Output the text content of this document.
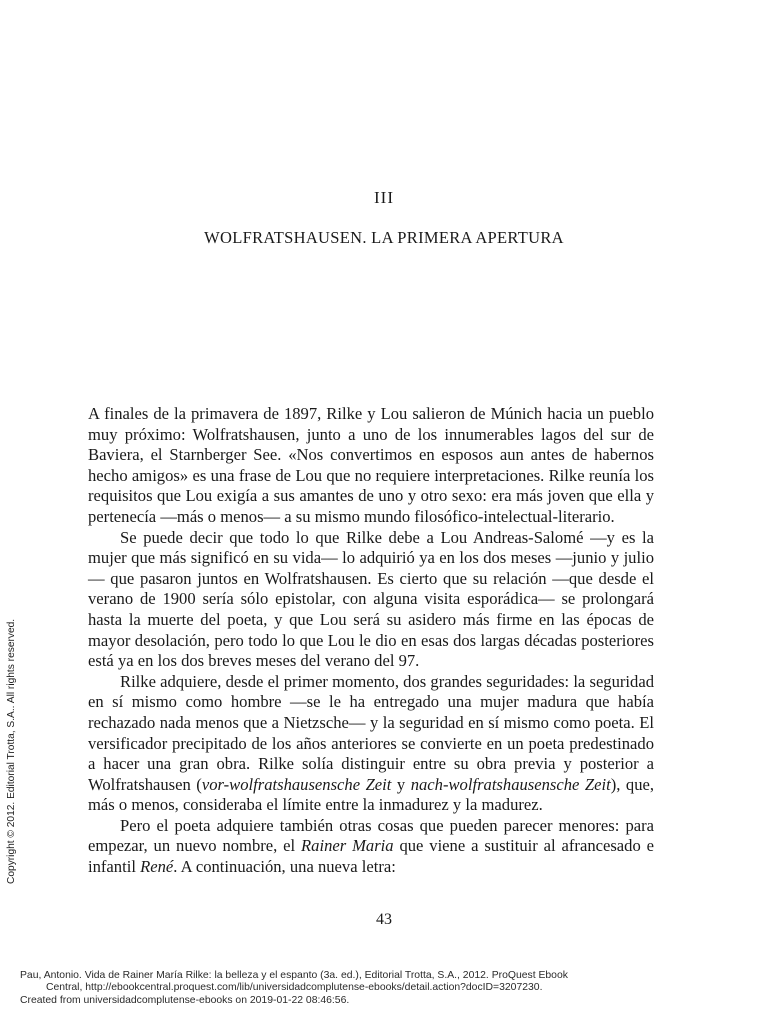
III
WOLFRATSHAUSEN. LA PRIMERA APERTURA

A finales de la primavera de 1897, Rilke y Lou salieron de Múnich hacia un pueblo muy próximo: Wolfratshausen, junto a uno de los innumerables lagos del sur de Baviera, el Starnberger See. «Nos convertimos en esposos aun antes de habernos hecho amigos» es una frase de Lou que no requiere interpretaciones. Rilke reunía los requisitos que Lou exigía a sus amantes de uno y otro sexo: era más joven que ella y pertenecía —más o menos— a su mismo mundo filosófico-intelectual-literario.

Se puede decir que todo lo que Rilke debe a Lou Andreas-Salomé —y es la mujer que más significó en su vida— lo adquirió ya en los dos meses —junio y julio— que pasaron juntos en Wolfratshausen. Es cierto que su relación —que desde el verano de 1900 sería sólo epistolar, con alguna visita esporádica— se prolongará hasta la muerte del poeta, y que Lou será su asidero más firme en las épocas de mayor desolación, pero todo lo que Lou le dio en esas dos largas décadas posteriores está ya en los dos breves meses del verano del 97.

Rilke adquiere, desde el primer momento, dos grandes seguridades: la seguridad en sí mismo como hombre —se le ha entregado una mujer madura que había rechazado nada menos que a Nietzsche— y la seguridad en sí mismo como poeta. El versificador precipitado de los años anteriores se convierte en un poeta predestinado a hacer una gran obra. Rilke solía distinguir entre su obra previa y posterior a Wolfratshausen (vor-wolfratshausensche Zeit y nach-wolfratshausensche Zeit), que, más o menos, consideraba el límite entre la inmadurez y la madurez.

Pero el poeta adquiere también otras cosas que pueden parecer menores: para empezar, un nuevo nombre, el Rainer Maria que viene a sustituir al afrancesado e infantil René. A continuación, una nueva letra:

43
Copyright © 2012. Editorial Trotta, S.A.. All rights reserved.
Pau, Antonio. Vida de Rainer María Rilke: la belleza y el espanto (3a. ed.), Editorial Trotta, S.A., 2012. ProQuest Ebook
Central, http://ebookcentral.proquest.com/lib/universidadcomplutense-ebooks/detail.action?docID=3207230.
Created from universidadcomplutense-ebooks on 2019-01-22 08:46:56.
